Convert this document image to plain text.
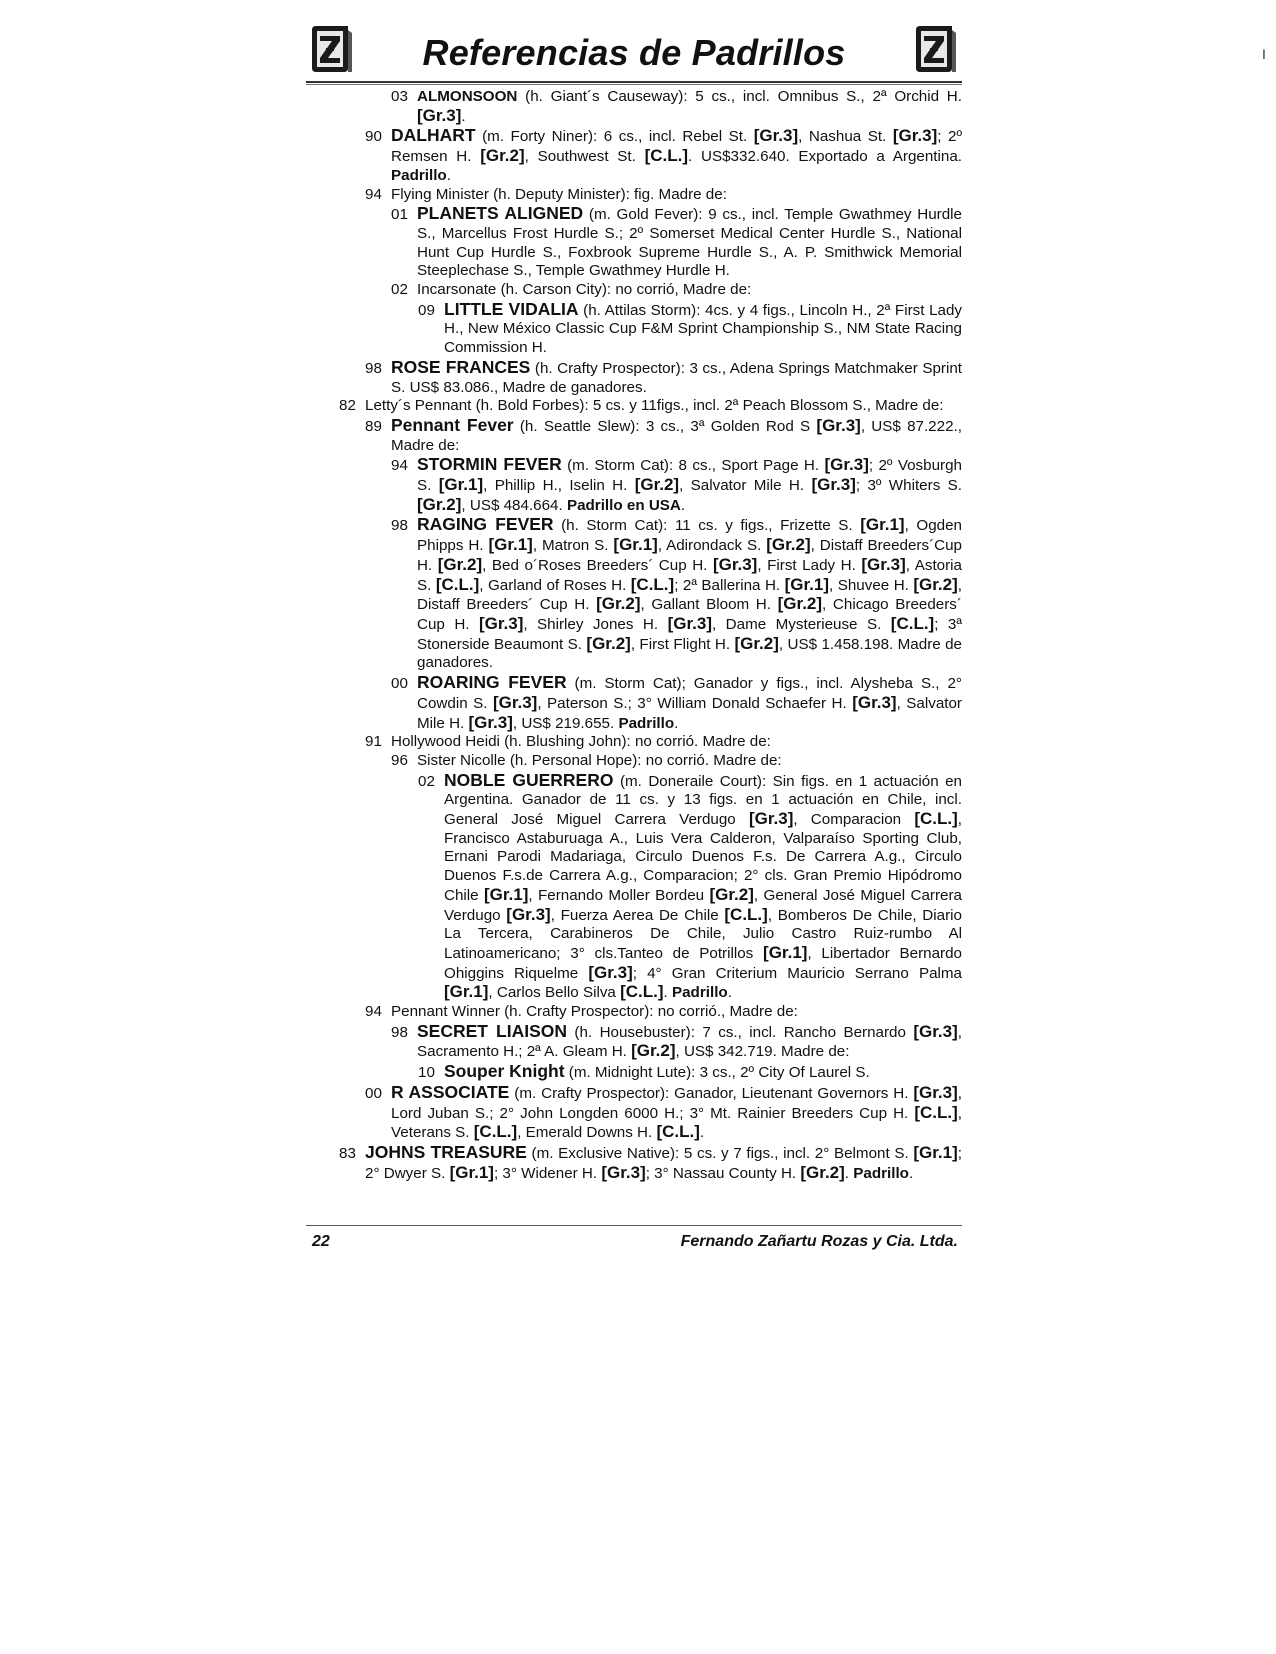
Referencias de Padrillos

03 ALMONSOON (h. Giant´s Causeway): 5 cs., incl. Omnibus S., 2ª Orchid H. [Gr.3].

90 DALHART (m. Forty Niner): 6 cs., incl. Rebel St. [Gr.3], Nashua St. [Gr.3]; 2º Remsen H. [Gr.2], Southwest St. [C.L.]. US$332.640. Exportado a Argentina. Padrillo.

94 Flying Minister (h. Deputy Minister): fig. Madre de:

01 PLANETS ALIGNED (m. Gold Fever): 9 cs., incl. Temple Gwathmey Hurdle S., Marcellus Frost Hurdle S.; 2º Somerset Medical Center Hurdle S., National Hunt Cup Hurdle S., Foxbrook Supreme Hurdle S., A. P. Smithwick Memorial Steeplechase S., Temple Gwathmey Hurdle H.

02 Incarsonate (h. Carson City): no corrió, Madre de:

09 LITTLE VIDALIA (h. Attilas Storm): 4cs. y 4 figs., Lincoln H., 2ª First Lady H., New México Classic Cup F&M Sprint Championship S., NM State Racing Commission H.

98 ROSE FRANCES (h. Crafty Prospector): 3 cs., Adena Springs Matchmaker Sprint S. US$ 83.086., Madre de ganadores.

82 Letty´s Pennant (h. Bold Forbes): 5 cs. y 11figs., incl. 2ª Peach Blossom S., Madre de:

89 Pennant Fever (h. Seattle Slew): 3 cs., 3ª Golden Rod S [Gr.3], US$ 87.222., Madre de:

94 STORMIN FEVER (m. Storm Cat): 8 cs., Sport Page H. [Gr.3]; 2º Vosburgh S. [Gr.1], Phillip H., Iselin H. [Gr.2], Salvator Mile H. [Gr.3]; 3º Whiters S. [Gr.2], US$ 484.664. Padrillo en USA.

98 RAGING FEVER (h. Storm Cat): 11 cs. y figs., Frizette S. [Gr.1], Ogden Phipps H. [Gr.1], Matron S. [Gr.1], Adirondack S. [Gr.2], Distaff Breeders´Cup H. [Gr.2], Bed o´Roses Breeders´ Cup H. [Gr.3], First Lady H. [Gr.3], Astoria S. [C.L.], Garland of Roses H. [C.L.]; 2ª Ballerina H. [Gr.1], Shuvee H. [Gr.2], Distaff Breeders´ Cup H. [Gr.2], Gallant Bloom H. [Gr.2], Chicago Breeders´ Cup H. [Gr.3], Shirley Jones H. [Gr.3], Dame Mysterieuse S. [C.L.]; 3ª Stonerside Beaumont S. [Gr.2], First Flight H. [Gr.2], US$ 1.458.198. Madre de ganadores.

00 ROARING FEVER (m. Storm Cat); Ganador y figs., incl. Alysheba S., 2° Cowdin S. [Gr.3], Paterson S.; 3° William Donald Schaefer H. [Gr.3], Salvator Mile H. [Gr.3], US$ 219.655. Padrillo.

91 Hollywood Heidi (h. Blushing John): no corrió. Madre de:

96 Sister Nicolle (h. Personal Hope): no corrió. Madre de:

02 NOBLE GUERRERO (m. Doneraile Court): Sin figs. en 1 actuación en Argentina. Ganador de 11 cs. y 13 figs. en 1 actuación en Chile, incl. General José Miguel Carrera Verdugo [Gr.3], Comparacion [C.L.], Francisco Astaburuaga A., Luis Vera Calderon, Valparaíso Sporting Club, Ernani Parodi Madariaga, Circulo Duenos F.s. De Carrera A.g., Circulo Duenos F.s.de Carrera A.g., Comparacion; 2° cls. Gran Premio Hipódromo Chile [Gr.1], Fernando Moller Bordeu [Gr.2], General José Miguel Carrera Verdugo [Gr.3], Fuerza Aerea De Chile [C.L.], Bomberos De Chile, Diario La Tercera, Carabineros De Chile, Julio Castro Ruiz-rumbo Al Latinoamericano; 3° cls.Tanteo de Potrillos [Gr.1], Libertador Bernardo Ohiggins Riquelme [Gr.3]; 4° Gran Criterium Mauricio Serrano Palma [Gr.1], Carlos Bello Silva [C.L.]. Padrillo.

94 Pennant Winner (h. Crafty Prospector): no corrió., Madre de:

98 SECRET LIAISON (h. Housebuster): 7 cs., incl. Rancho Bernardo [Gr.3], Sacramento H.; 2ª A. Gleam H. [Gr.2], US$ 342.719. Madre de:

10 Souper Knight (m. Midnight Lute): 3 cs., 2º City Of Laurel S.

00 R ASSOCIATE (m. Crafty Prospector): Ganador, Lieutenant Governors H. [Gr.3], Lord Juban S.; 2° John Longden 6000 H.; 3° Mt. Rainier Breeders Cup H. [C.L.], Veterans S. [C.L.], Emerald Downs H. [C.L.].

83 JOHNS TREASURE (m. Exclusive Native): 5 cs. y 7 figs., incl. 2° Belmont S. [Gr.1]; 2° Dwyer S. [Gr.1]; 3° Widener H. [Gr.3]; 3° Nassau County H. [Gr.2]. Padrillo.

22	Fernando Zañartu Rozas y Cia. Ltda.
I
